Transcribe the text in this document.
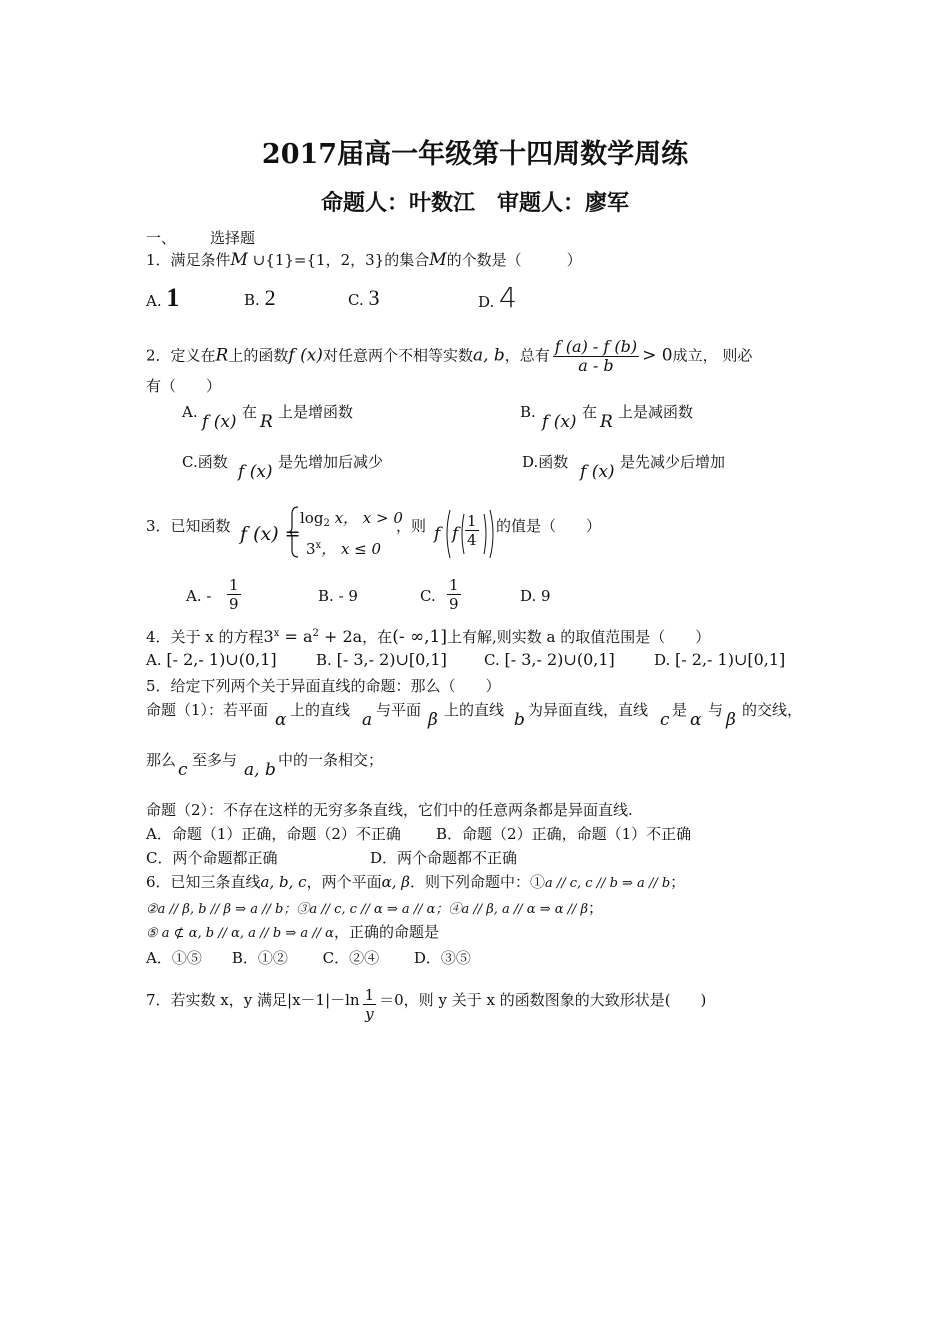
2017届高一年级第十四周数学周练
命题人：叶数江　审题人：廖军
一、 选择题
1．满足条件M ∪{1}={1，2，3}的集合M的个数是（　　　）
A. 1	B. 2	C. 3	D. 4
2．定义在R上的函数f (x)对任意两个不相等实数a, b，总有 $\frac{f (a) - f (b)}{a - b} > 0$成立， 则必
有（　　）
A. f (x) 在 R 上是增函数	B. f (x) 在 R 上是减函数
C.函数 f (x) 是先增加后减少	D.函数 f (x) 是先减少后增加
3．已知函数 f (x) =
$\log_2 x$， x > 0
3$^x$， x ≤ 0
，则 f f $\frac{1}{4}$ 的值是（　　）
A. - $\frac{1}{9}$	B. - 9	C. $\frac{1}{9}$	D. 9
4．关于 x 的方程$3^x = a^2 + 2a$，在(- ∞,1]上有解,则实数 a 的取值范围是（　　）
A. [- 2,- 1)∪(0,1]	B. [- 3,- 2)∪[0,1] C. [- 3,- 2)∪(0,1]	D. [- 2,- 1)∪[0,1]
5．给定下列两个关于异面直线的命题：那么（　　）
命题（1）：若平面 α 上的直线 a 与平面 β 上的直线 b 为异面直线，直线 c 是 α 与 β 的交线，
那么 c 至多与 a, b 中的一条相交；
命题（2）：不存在这样的无穷多条直线，它们中的任意两条都是异面直线.
A．命题（1）正确，命题（2）不正确 B．命题（2）正确，命题（1）不正确
C．两个命题都正确	D．两个命题都不正确
6．已知三条直线a, b, c，两个平面α, β．则下列命题中：①a // c, c // b ⇒ a // b；
②a // β, b // β ⇒ a // b；③a // c, c // α ⇒ a // α；④a // β, a // α ⇒ α // β；
⑤ a ⊄ α, b // α, a // b ⇒ a // α，正确的命题是
A．①⑤　　B．①②　　 C．②④　　 D．③⑤
7．若实数 x，y 满足$|x-1|-\ln \frac{1}{y} =0$，则 y 关于 x 的函数图象的大致形状是(　　)
